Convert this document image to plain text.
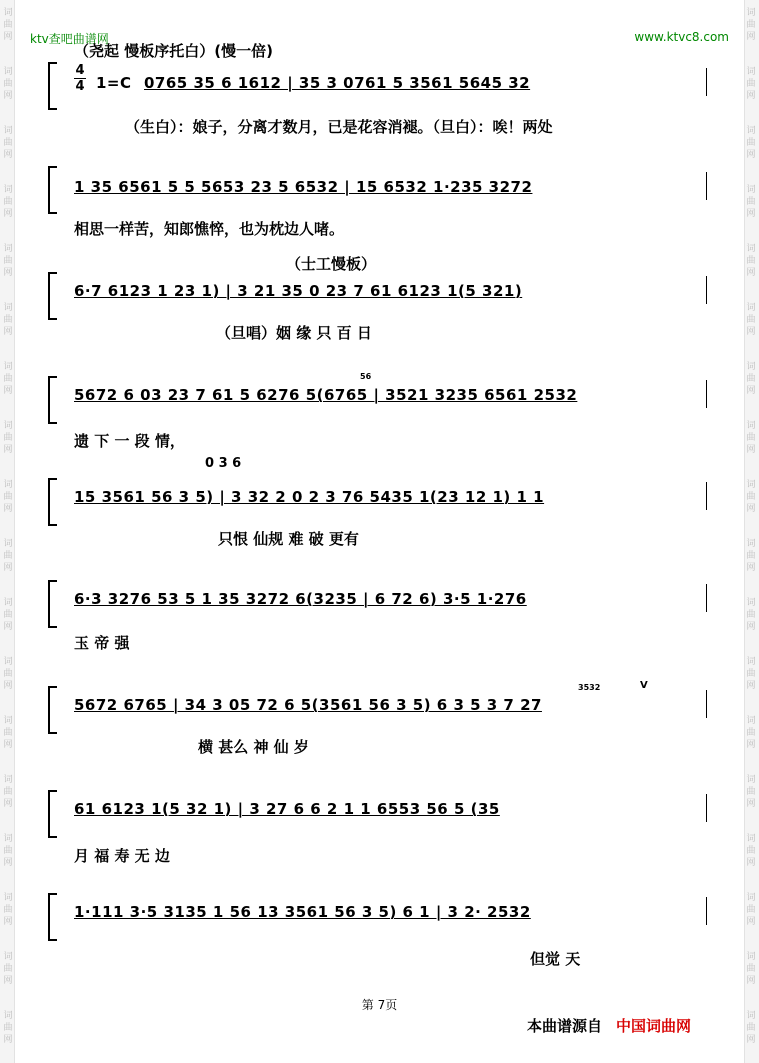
词
曲
网
词
曲
网
词
曲
网
词
曲
网
词
曲
网
词
曲
网
词
曲
网
词
曲
网
词
曲
网
词
曲
网
词
曲
网
词
曲
网
词
曲
网
词
曲
网
词
曲
网
词
曲
网
词
曲
网
词
曲
网
词
曲
网
词
曲
网
词
曲
网
词
曲
网
词
曲
网
词
曲
网
词
曲
网
词
曲
网
词
曲
网
词
曲
网
词
曲
网
词
曲
网
词
曲
网
词
曲
网
词
曲
网
词
曲
网
词
曲
网
词
曲
网
ktv查吧曲谱网	www.ktvc8.com
（尧起 慢板序托白）(慢一倍)
4
4 1=C 0765 35 6 1612 | 35 3 0761 5 3561 5645 32
（生白）：娘子，分离才数月，已是花容消褪。（旦白）：唉！两处
1 35 6561 5 5 5653 23 5 6532 | 15 6532 1·235 3272
相思一样苦，知郎憔悴，也为枕边人啫。
（士工慢板）
6·7 6123 1 23 1) | 3 21 35 0 23 7 61 6123 1(5 321)
（旦唱）姻 缘 只 百 日
56
5672 6 03 23 7 61 5 6276 5(6765 | 3521 3235 6561 2532
遗 下 一 段 情，
0 3 6
15 3561 56 3 5) | 3 32 2 0 2 3 76 5435 1(23 12 1) 1 1
只恨 仙规 难 破 更有
6·3 3276 53 5 1 35 3272 6(3235 | 6 72 6) 3·5 1·276
玉 帝 强
3532	V
5672 6765 | 34 3 05 72 6 5(3561 56 3 5) 6 3 5 3 7 27
横 甚么 神 仙 岁
61 6123 1(5 32 1) | 3 27 6 6 2 1 1 6553 56 5 (35
月 福 寿 无 边
1·111 3·5 3135 1 56 13 3561 56 3 5) 6 1 | 3 2· 2532
但觉 天
第 7页
本曲谱源自 中国词曲网
